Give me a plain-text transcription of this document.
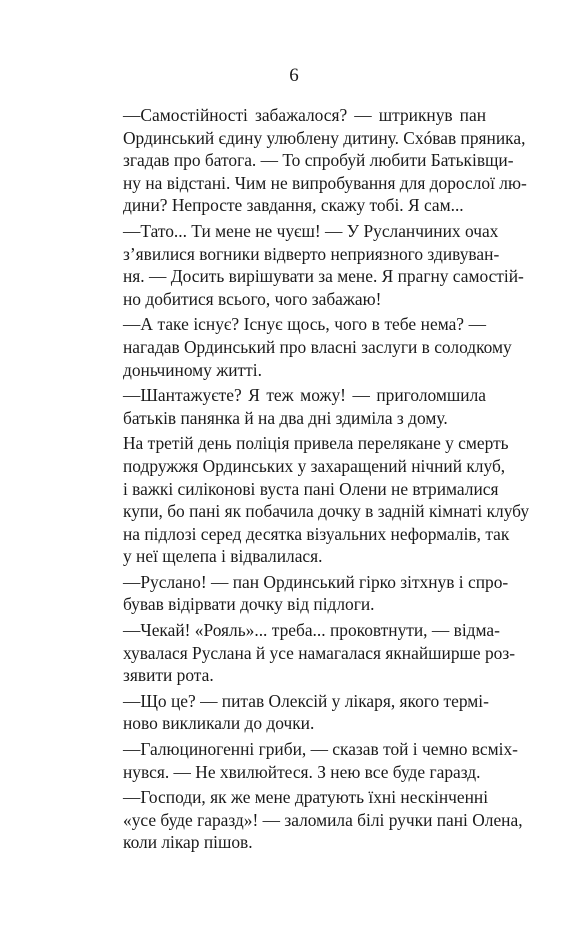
6

—Самостійності забажалося? — штрикнув пан
Ординський єдину улюблену дитину. Схóвав пряника,
згадав про батога. — То спробуй любити Батьківщи-
ну на відстані. Чим не випробування для дорослої лю-
дини? Непросте завдання, скажу тобі. Я сам...

—Тато... Ти мене не чуєш! — У Русланчиних очах
з’явилися вогники відверто неприязного здивуван-
ня. — Досить вирішувати за мене. Я прагну самостій-
но добитися всього, чого забажаю!

—А таке існує? Існує щось, чого в тебе нема? —
нагадав Ординський про власні заслуги в солодкому
доньчиному житті.

—Шантажуєте? Я теж можу! — приголомшила
батьків панянка й на два дні здиміла з дому.

На третій день поліція привела перелякане у смерть
подружжя Ординських у захаращений нічний клуб,
і важкі силіконові вуста пані Олени не втрималися
купи, бо пані як побачила дочку в задній кімнаті клубу
на підлозі серед десятка візуальних неформалів, так
у неї щелепа і відвалилася.

—Руслано! — пан Ординський гірко зітхнув і спро-
бував відірвати дочку від підлоги.

—Чекай! «Рояль»... треба... проковтнути, — відма-
хувалася Руслана й усе намагалася якнайширше роз-
зявити рота.

—Що це? — питав Олексій у лікаря, якого термі-
ново викликали до дочки.

—Галюциногенні гриби, — сказав той і чемно всміх-
нувся. — Не хвилюйтеся. З нею все буде гаразд.

—Господи, як же мене дратують їхні нескінченні
«усе буде гаразд»! — заломила білі ручки пані Олена,
коли лікар пішов.
